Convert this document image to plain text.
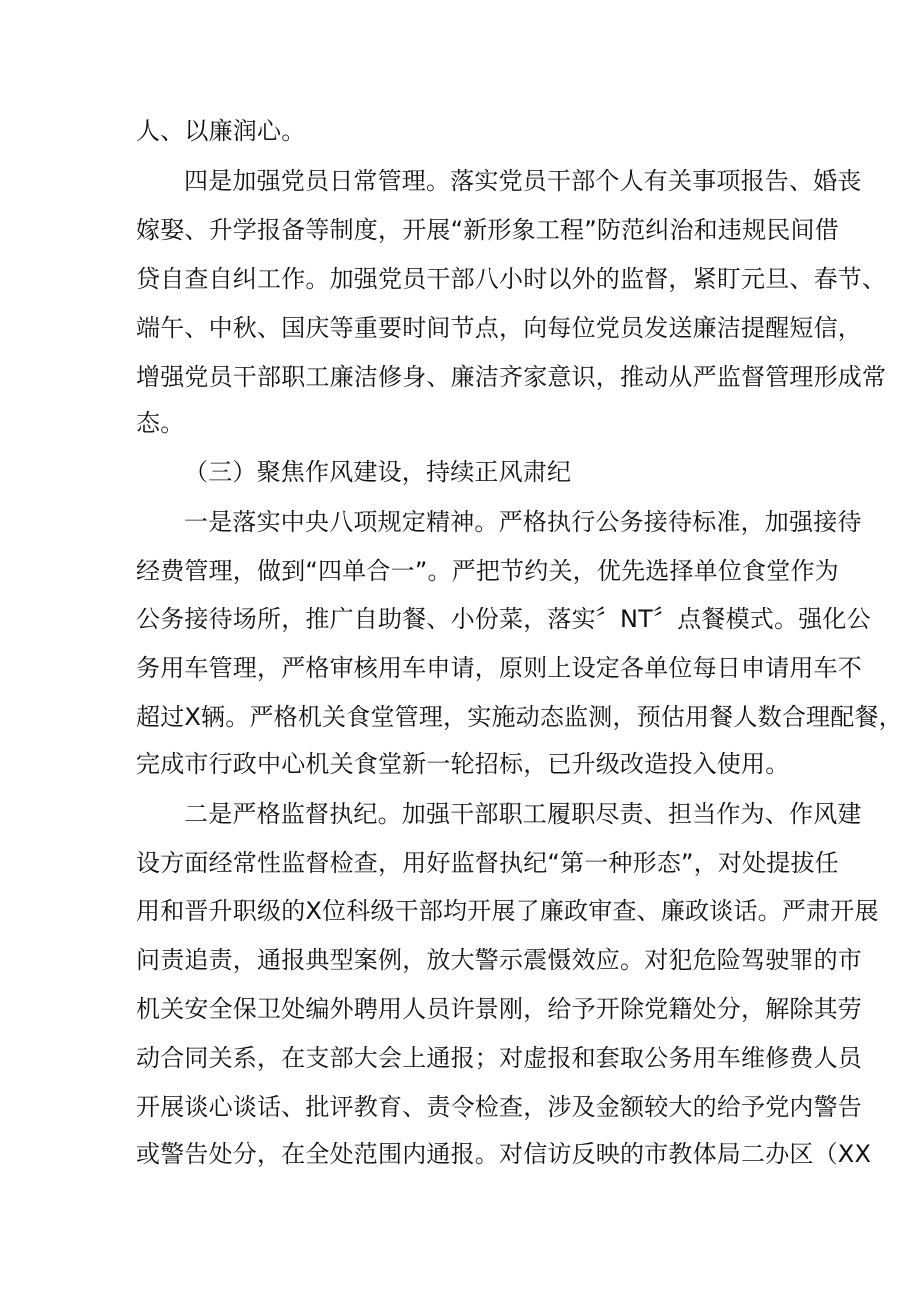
人、以廉润心。
四是加强党员日常管理。落实党员干部个人有关事项报告、婚丧
嫁娶、升学报备等制度，开展“新形象工程”防范纠治和违规民间借
贷自查自纠工作。加强党员干部八小时以外的监督，紧盯元旦、春节、
端午、中秋、国庆等重要时间节点，向每位党员发送廉洁提醒短信，
增强党员干部职工廉洁修身、廉洁齐家意识，推动从严监督管理形成常
态。
（三）聚焦作风建设，持续正风肃纪
一是落实中央八项规定精神。严格执行公务接待标准，加强接待
经费管理，做到“四单合一”。严把节约关，优先选择单位食堂作为
公务接待场所，推广自助餐、小份菜，落实〞NT〞点餐模式。强化公
务用车管理，严格审核用车申请，原则上设定各单位每日申请用车不
超过X辆。严格机关食堂管理，实施动态监测，预估用餐人数合理配餐，
完成市行政中心机关食堂新一轮招标，已升级改造投入使用。
二是严格监督执纪。加强干部职工履职尽责、担当作为、作风建
设方面经常性监督检查，用好监督执纪“第一种形态”，对处提拔任
用和晋升职级的X位科级干部均开展了廉政审查、廉政谈话。严肃开展
问责追责，通报典型案例，放大警示震慑效应。对犯危险驾驶罪的市
机关安全保卫处编外聘用人员许景刚，给予开除党籍处分，解除其劳
动合同关系，在支部大会上通报；对虚报和套取公务用车维修费人员
开展谈心谈话、批评教育、责令检查，涉及金额较大的给予党内警告
或警告处分，在全处范围内通报。对信访反映的市教体局二办区（XX
